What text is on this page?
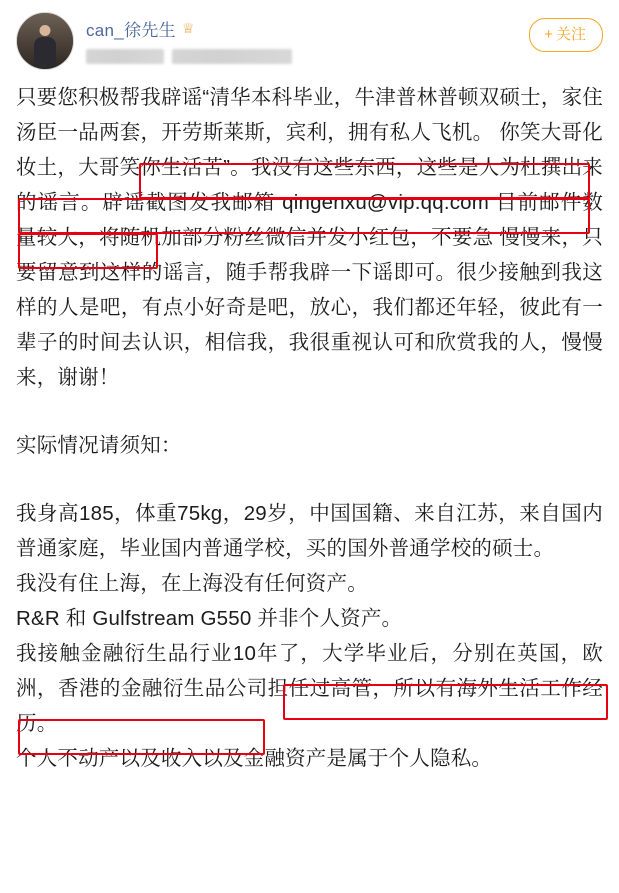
can_徐先生 ♕	+ 关注

只要您积极帮我辟谣“清华本科毕业，牛津普林普顿双硕士，家住汤臣一品两套，开劳斯莱斯，宾利，拥有私人飞机。 你笑大哥化妆土，大哥笑你生活苦”。我没有这些东西，这些是人为杜撰出来的谣言。辟谣截图发我邮箱 qingenxu@vip.qq.com 目前邮件数量较大，将随机加部分粉丝微信并发小红包，不要急 慢慢来，只要留意到这样的谣言，随手帮我辟一下谣即可。很少接触到我这样的人是吧，有点小好奇是吧，放心，我们都还年轻，彼此有一辈子的时间去认识，相信我，我很重视认可和欣赏我的人，慢慢来，谢谢！

实际情况请须知：

我身高185，体重75kg，29岁，中国国籍、来自江苏，来自国内普通家庭，毕业国内普通学校，买的国外普通学校的硕士。

我没有住上海，在上海没有任何资产。

R&R 和 Gulfstream G550 并非个人资产。

我接触金融衍生品行业10年了，大学毕业后，分别在英国，欧洲，香港的金融衍生品公司担任过高管，所以有海外生活工作经历。

个人不动产以及收入以及金融资产是属于个人隐私。
